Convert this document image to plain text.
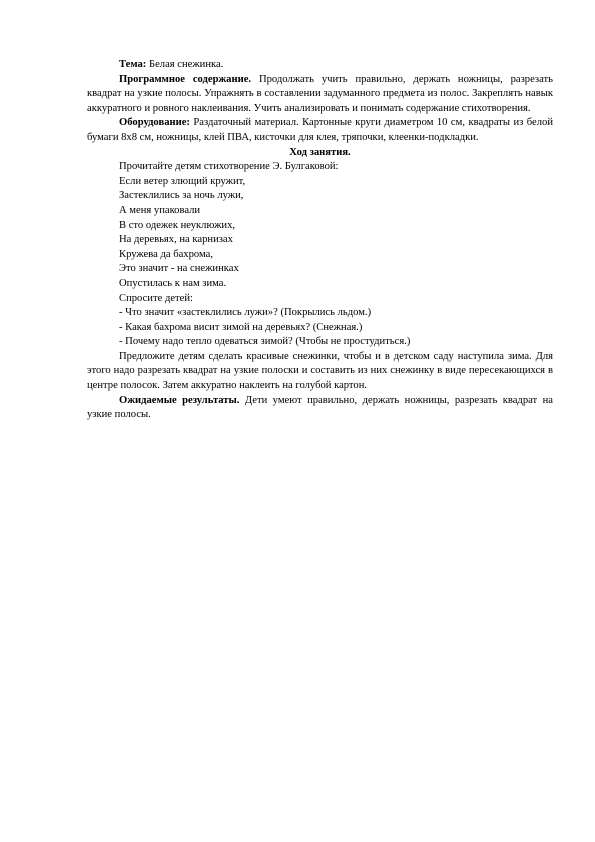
Тема: Белая снежинка.

Программное содержание. Продолжать учить правильно, держать ножницы, разрезать квадрат на узкие полосы. Упражнять в составлении задуманного предмета из полос. Закреплять навык аккуратного и ровного наклеивания. Учить анализировать и понимать содержание стихотворения.

Оборудование: Раздаточный материал. Картонные круги диаметром 10 см, квадраты из белой бумаги 8х8 см, ножницы, клей ПВА, кисточки для клея, тряпочки, клеенки-подкладки.

Ход занятия.

Прочитайте детям стихотворение Э. Булгаковой:

Если ветер злющий кружит,

Застеклились за ночь лужи,

А меня упаковали

В сто одежек неуклюжих,

На деревьях, на карнизах

Кружева да бахрома,

Это значит - на снежинках

Опустилась к нам зима.

Спросите детей:

- Что значит «застеклились лужи»? (Покрылись льдом.)

- Какая бахрома висит зимой на деревьях? (Снежная.)

- Почему надо тепло одеваться зимой? (Чтобы не простудиться.)

Предложите детям сделать красивые снежинки, чтобы и в детском саду наступила зима. Для этого надо разрезать квадрат на узкие полоски и составить из них снежинку в виде пересекающихся в центре полосок. Затем аккуратно наклеить на голубой картон.

Ожидаемые результаты. Дети умеют правильно, держать ножницы, разрезать квадрат на узкие полосы.
